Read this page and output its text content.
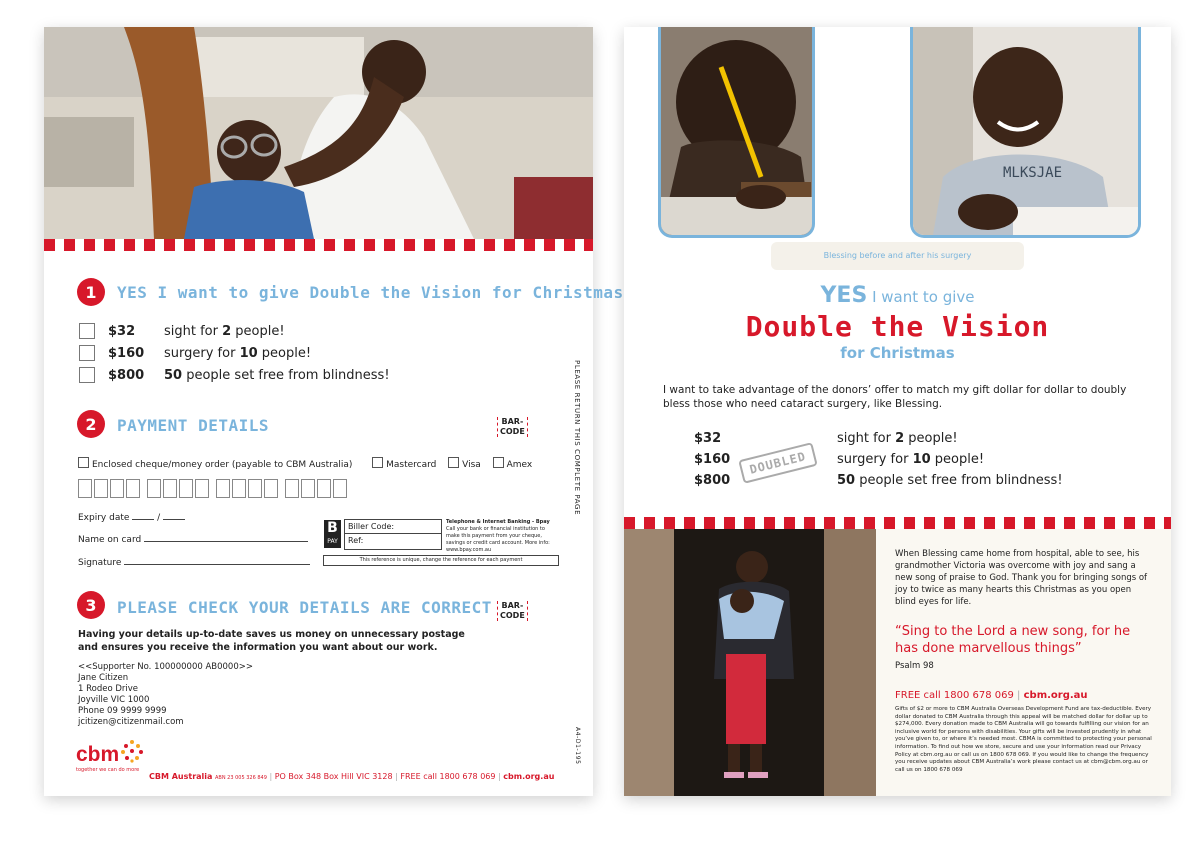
1	YES I want to give Double the Vision for Christmas
$32 sight for 2 people!
$160 surgery for 10 people!
$800 50 people set free from blindness!
2	PAYMENT DETAILS	BAR-
CODE
Enclosed cheque/money order (payable to CBM Australia)	Mastercard	Visa	Amex
Expiry date	/
Name on card
Signature
B
PAY
Biller Code:
Ref:
Telephone & Internet Banking - Bpay
Call your bank or financial institution to make this payment from your cheque, savings or credit card account. More info: www.bpay.com.au
This reference is unique, change the reference for each payment
3	PLEASE CHECK YOUR DETAILS ARE CORRECT BAR-
CODE
Having your details up-to-date saves us money on unnecessary postage and ensures you receive the information you want about our work.
<<Supporter No. 100000000 AB0000>>
Jane Citizen
1 Rodeo Drive
Joyville VIC 1000
Phone 09 9999 9999
jcitizen@citizenmail.com
PLEASE RETURN THIS COMPLETE PAGE
A4-D1-195
cbm
together we can do more
CBM Australia ABN 23 005 326 849 | PO Box 348 Box Hill VIC 3128 | FREE call 1800 678 069 | cbm.org.au
MLKSJAE
Blessing before and after his surgery
YES I want to give
Double the Vision
for Christmas
I want to take advantage of the donors’ offer to match my gift dollar for dollar to doubly bless those who need cataract surgery, like Blessing.
$32	sight for 2 people!
$160	surgery for 10 people!
$800	50 people set free from blindness!
DOUBLED
When Blessing came home from hospital, able to see, his grandmother Victoria was overcome with joy and sang a new song of praise to God. Thank you for bringing songs of joy to twice as many hearts this Christmas as you open blind eyes for life.
“Sing to the Lord a new song, for he has done marvellous things”
Psalm 98
FREE call 1800 678 069 | cbm.org.au
Gifts of $2 or more to CBM Australia Overseas Development Fund are tax-deductible. Every dollar donated to CBM Australia through this appeal will be matched dollar for dollar up to $274,000. Every donation made to CBM Australia will go towards fulfilling our vision for an inclusive world for persons with disabilities. Your gifts will be invested prudently in what you’ve given to, or where it’s needed most. CBMA is committed to protecting your personal information. To find out how we store, secure and use your information read our Privacy Policy at cbm.org.au or call us on 1800 678 069. If you would like to change the frequency you receive updates about CBM Australia’s work please contact us at cbm@cbm.org.au or call us on 1800 678 069
